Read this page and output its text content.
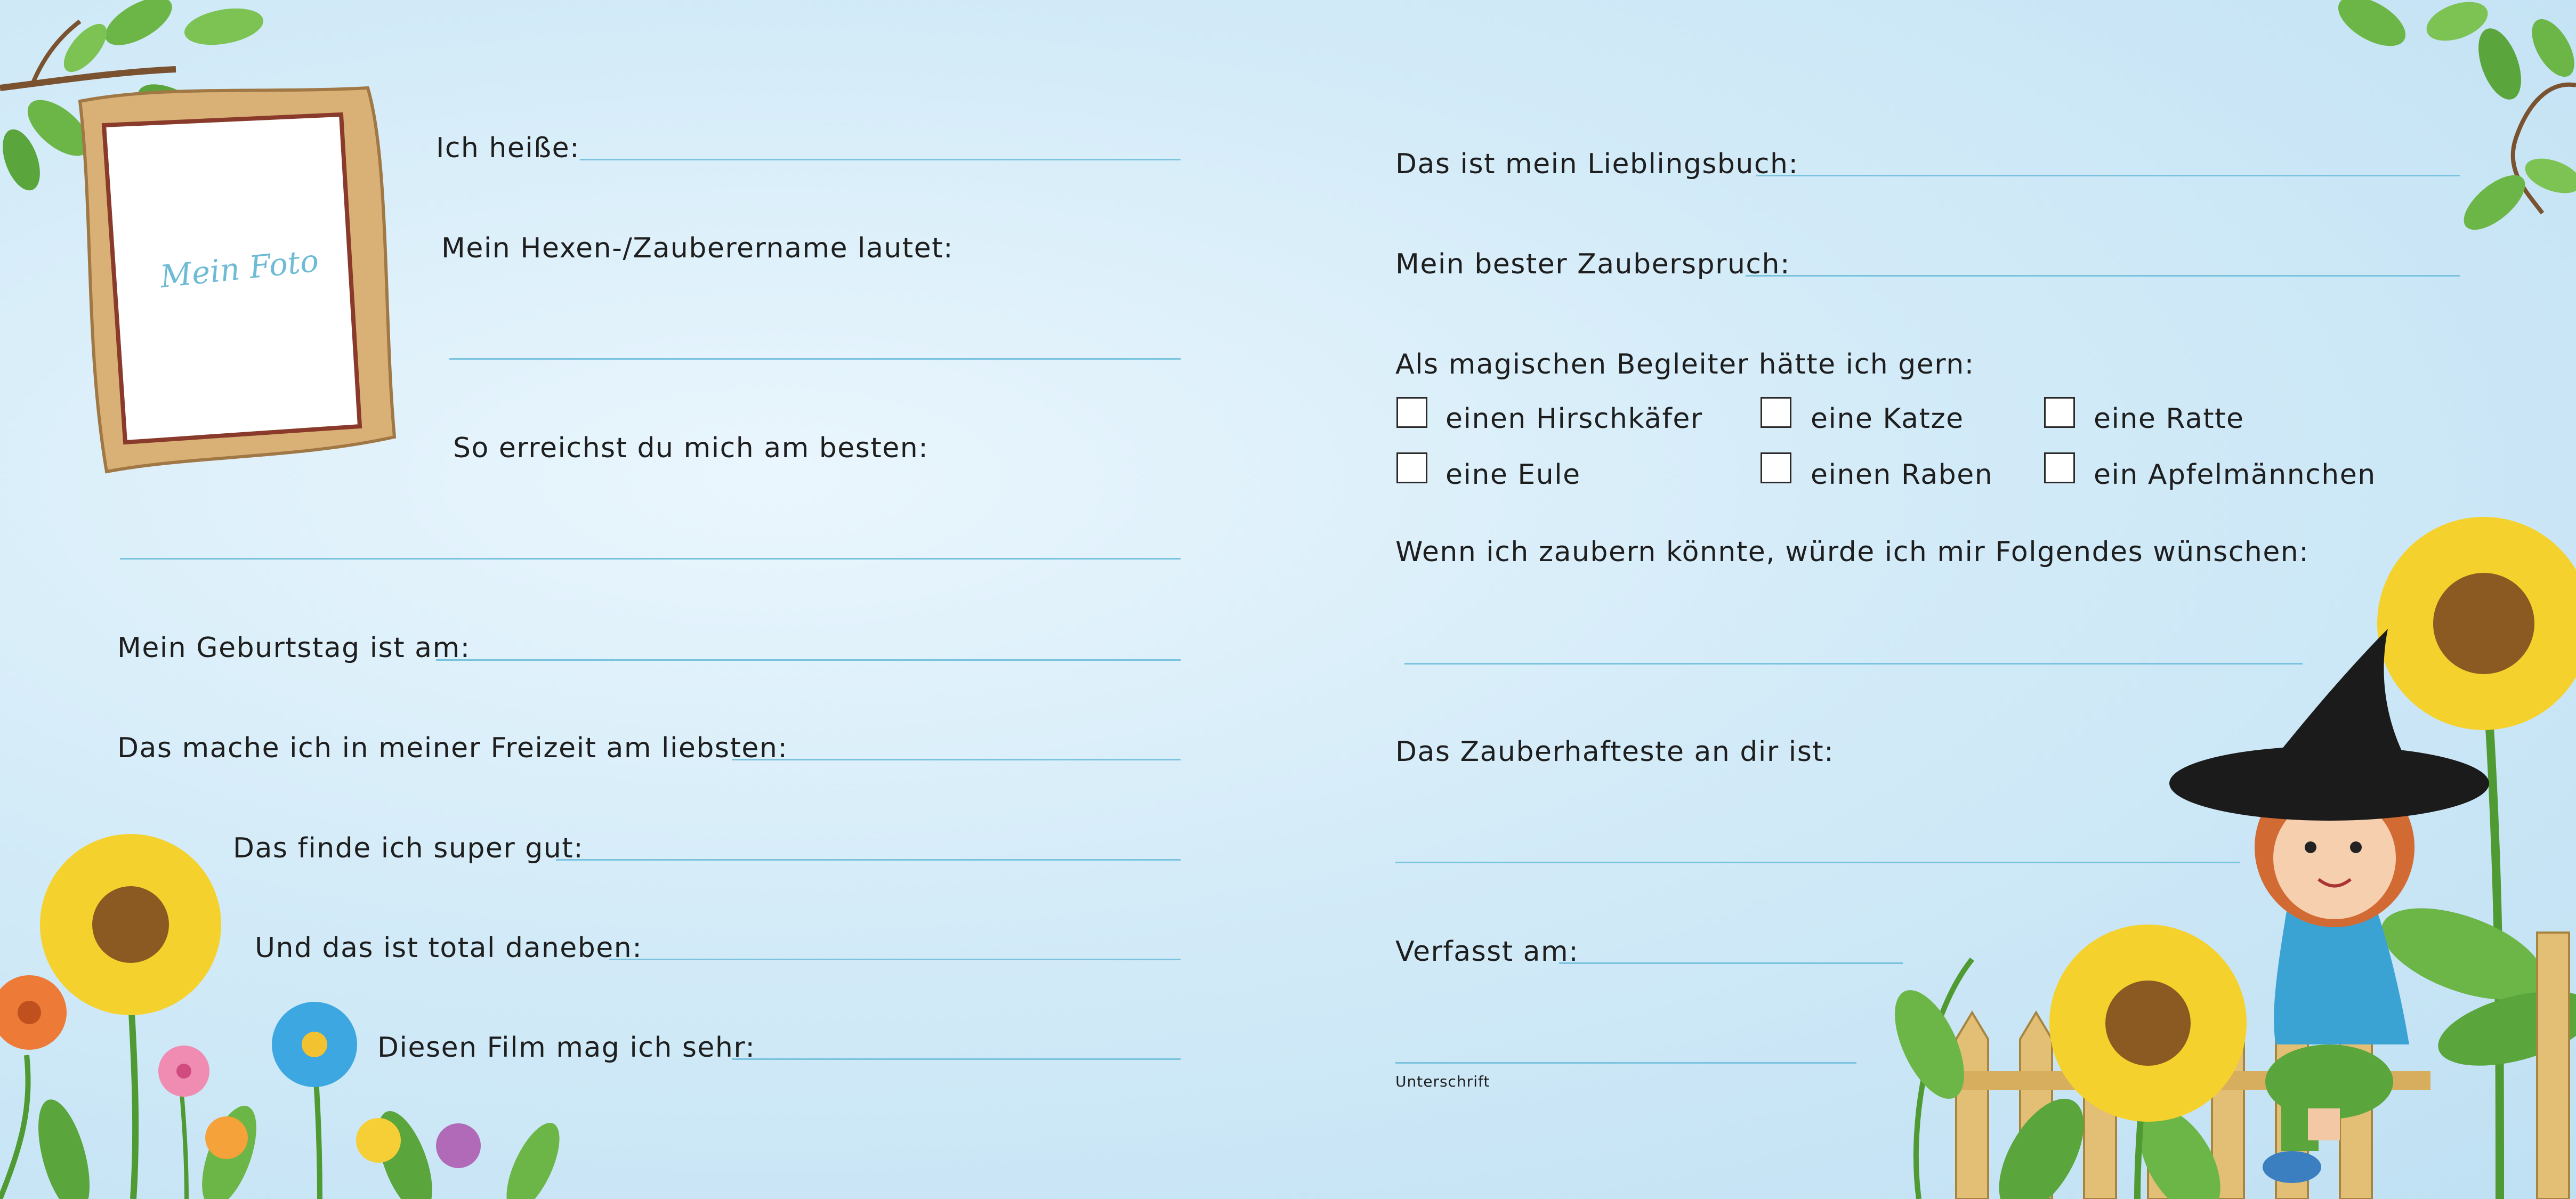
Mein Foto
Ich heiße:
Mein Hexen-/Zauberername lautet:
So erreichst du mich am besten:
Mein Geburtstag ist am:
Das mache ich in meiner Freizeit am liebsten:
Das finde ich super gut:
Und das ist total daneben:
Diesen Film mag ich sehr:
Das ist mein Lieblingsbuch:
Mein bester Zauberspruch:
Als magischen Begleiter hätte ich gern:
einen Hirschkäfer	eine Katze	eine Ratte
eine Eule	einen Raben	ein Apfelmännchen
Wenn ich zaubern könnte, würde ich mir Folgendes wünschen:
Das Zauberhafteste an dir ist:
Verfasst am:
Unterschrift
